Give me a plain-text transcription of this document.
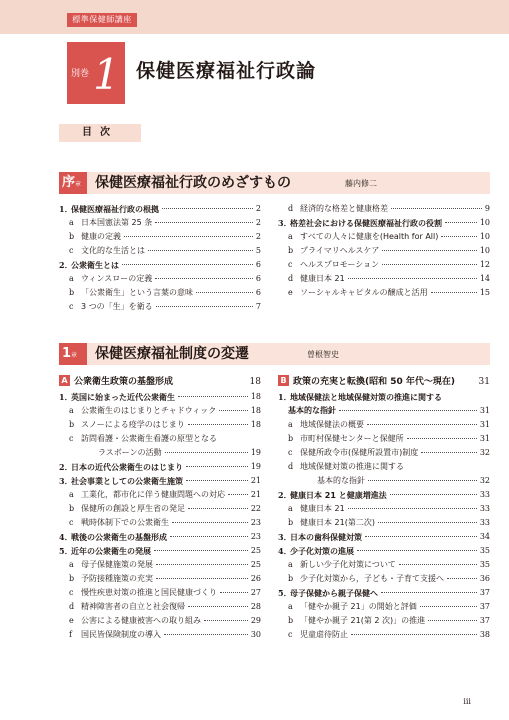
標準保健師講座
別巻 1 保健医療福祉行政論
目次
序章 保健医療福祉行政のめざすもの	藤内修二
1．保健医療福祉行政の根拠	2
a 日本国憲法第 25 条	2
b 健康の定義	2
c 文化的な生活とは	5
2．公衆衛生とは	6
a ウィンスローの定義	6
b 「公衆衛生」という言葉の意味	6
c 3 つの「生」を衛る	7
d 経済的な格差と健康格差	9
3．格差社会における保健医療福祉行政の役割	10
a すべての人々に健康を(Health for All)	10
b プライマリヘルスケア	10
c ヘルスプロモーション	12
d 健康日本 21	14
e ソーシャルキャピタルの醸成と活用	15
1章	保健医療福祉制度の変遷	曽根智史
A 公衆衛生政策の基盤形成	18
1．英国に始まった近代公衆衛生	18
a 公衆衛生のはじまりとチャドウィック	18
b スノーによる疫学のはじまり	18
c 訪問看護・公衆衛生看護の原型となる
ラスボーンの活動	19
2．日本の近代公衆衛生のはじまり	19
3．社会事業としての公衆衛生施策	21
a 工業化，都市化に伴う健康問題への対応	21
b 保健所の創設と厚生省の発足	22
c 戦時体制下での公衆衛生	23
4．戦後の公衆衛生の基盤形成	23
5．近年の公衆衛生の発展	25
a 母子保健施策の発展	25
b 予防接種施策の充実	26
c 慢性疾患対策の推進と国民健康づくり	27
d 精神障害者の自立と社会復帰	28
e 公害による健康被害への取り組み	29
f 国民皆保険制度の導入	30
B 政策の充実と転換(昭和 50 年代〜現在)	31
1．地域保健法と地域保健対策の推進に関する
基本的な指針	31
a 地域保健法の概要	31
b 市町村保健センターと保健所	31
c 保健所政令市(保健所設置市)制度	32
d 地域保健対策の推進に関する
基本的な指針	32
2．健康日本 21 と健康増進法	33
a 健康日本 21	33
b 健康日本 21(第二次)	33
3．日本の歯科保健対策	34
4．少子化対策の進展	35
a 新しい少子化対策について	35
b 少子化対策から，子ども・子育て支援へ	36
5．母子保健から親子保健へ	37
a 「健やか親子 21」の開始と評価	37
b 「健やか親子 21(第 2 次)」の推進	37
c 児童虐待防止	38
iii
